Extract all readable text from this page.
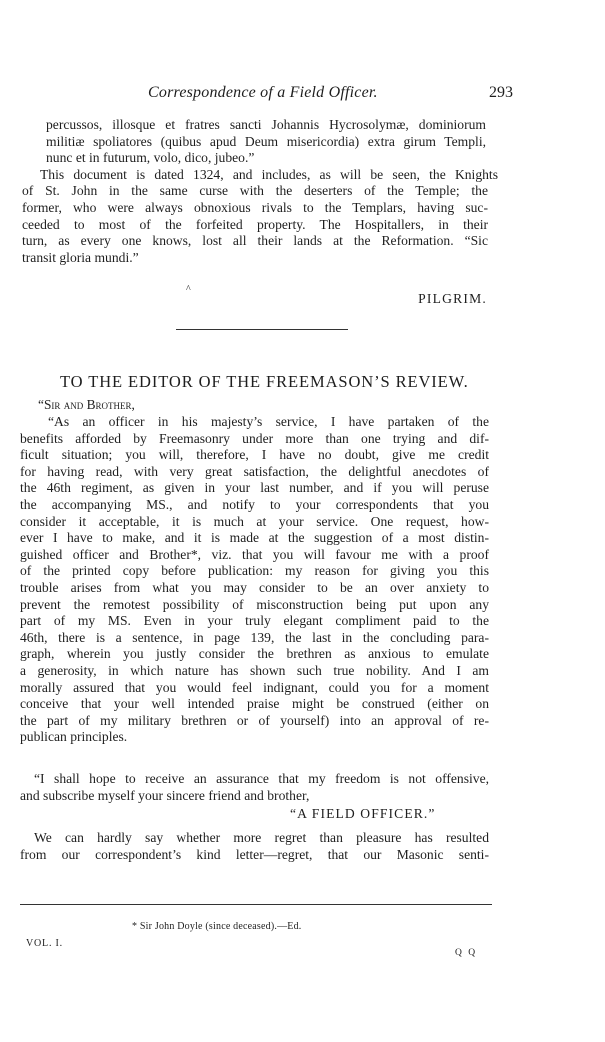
Correspondence of a Field Officer.	293
percussos, illosque et fratres sancti Johannis Hycrosolymæ, dominiorum
militiæ spoliatores (quibus apud Deum misericordia) extra girum Templi,
nunc et in futurum, volo, dico, jubeo.”
This document is dated 1324, and includes, as will be seen, the Knights
of St. John in the same curse with the deserters of the Temple; the
former, who were always obnoxious rivals to the Templars, having suc-
ceeded to most of the forfeited property. The Hospitallers, in their
turn, as every one knows, lost all their lands at the Reformation. “Sic
transit gloria mundi.”
^
PILGRIM.
TO THE EDITOR OF THE FREEMASON’S REVIEW.
“Sir and Brother,
“As an officer in his majesty’s service, I have partaken of the
benefits afforded by Freemasonry under more than one trying and dif-
ficult situation; you will, therefore, I have no doubt, give me credit
for having read, with very great satisfaction, the delightful anecdotes of
the 46th regiment, as given in your last number, and if you will peruse
the accompanying MS., and notify to your correspondents that you
consider it acceptable, it is much at your service. One request, how-
ever I have to make, and it is made at the suggestion of a most distin-
guished officer and Brother*, viz. that you will favour me with a proof
of the printed copy before publication: my reason for giving you this
trouble arises from what you may consider to be an over anxiety to
prevent the remotest possibility of misconstruction being put upon any
part of my MS. Even in your truly elegant compliment paid to the
46th, there is a sentence, in page 139, the last in the concluding para-
graph, wherein you justly consider the brethren as anxious to emulate
a generosity, in which nature has shown such true nobility. And I am
morally assured that you would feel indignant, could you for a moment
conceive that your well intended praise might be construed (either on
the part of my military brethren or of yourself) into an approval of re-
publican principles.
“I shall hope to receive an assurance that my freedom is not offensive,
and subscribe myself your sincere friend and brother,
“A FIELD OFFICER.”
We can hardly say whether more regret than pleasure has resulted
from our correspondent’s kind letter—regret, that our Masonic senti-
* Sir John Doyle (since deceased).—Ed.
VOL. I.
Q Q
